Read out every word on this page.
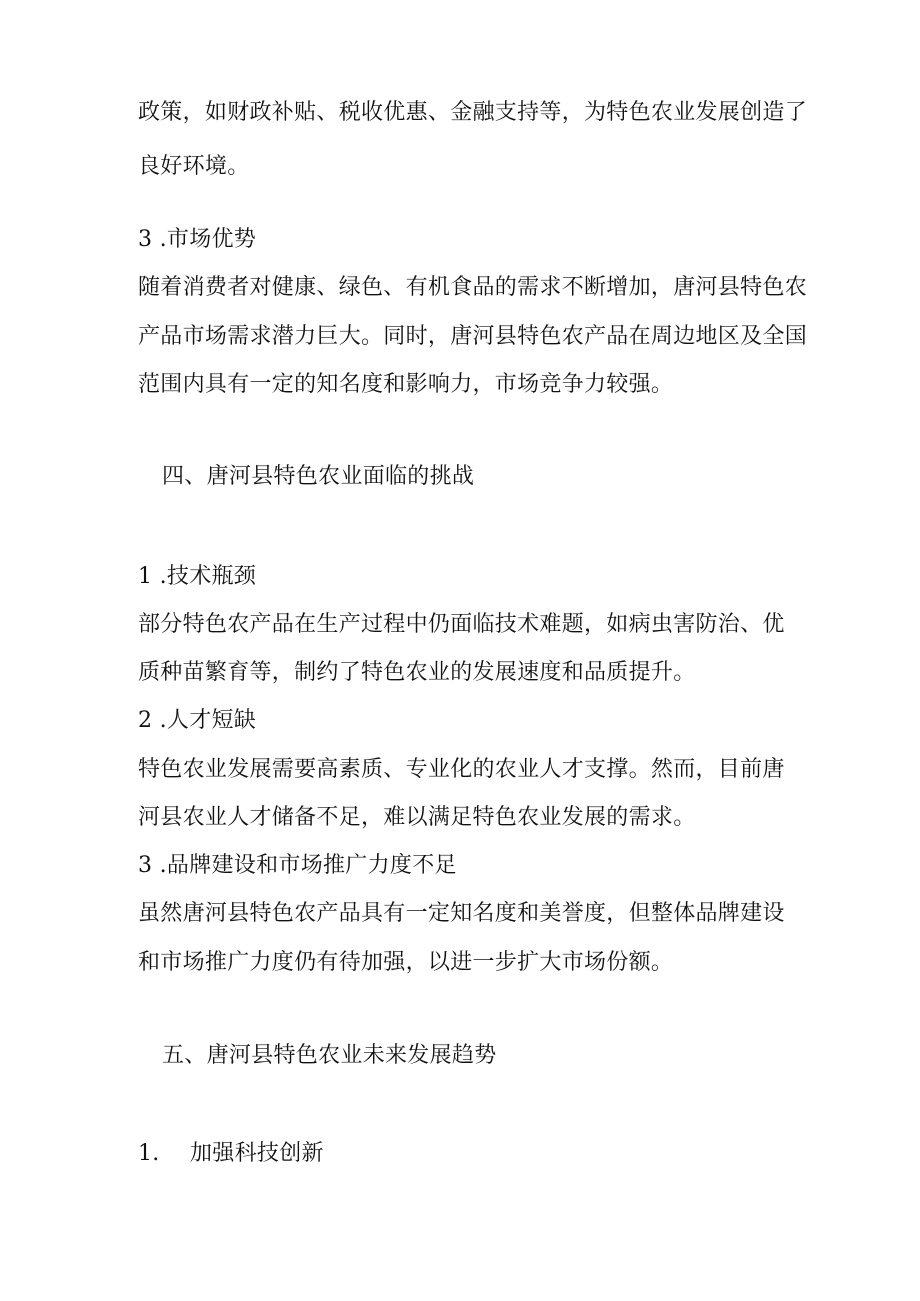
政策，如财政补贴、税收优惠、金融支持等，为特色农业发展创造了
良好环境。
3 .市场优势
随着消费者对健康、绿色、有机食品的需求不断增加，唐河县特色农
产品市场需求潜力巨大。同时，唐河县特色农产品在周边地区及全国
范围内具有一定的知名度和影响力，市场竞争力较强。
四、唐河县特色农业面临的挑战
1 .技术瓶颈
部分特色农产品在生产过程中仍面临技术难题，如病虫害防治、优
质种苗繁育等，制约了特色农业的发展速度和品质提升。
2 .人才短缺
特色农业发展需要高素质、专业化的农业人才支撑。然而，目前唐
河县农业人才储备不足，难以满足特色农业发展的需求。
3 .品牌建设和市场推广力度不足
虽然唐河县特色农产品具有一定知名度和美誉度，但整体品牌建设
和市场推广力度仍有待加强，以进一步扩大市场份额。
五、唐河县特色农业未来发展趋势
1. 加强科技创新
